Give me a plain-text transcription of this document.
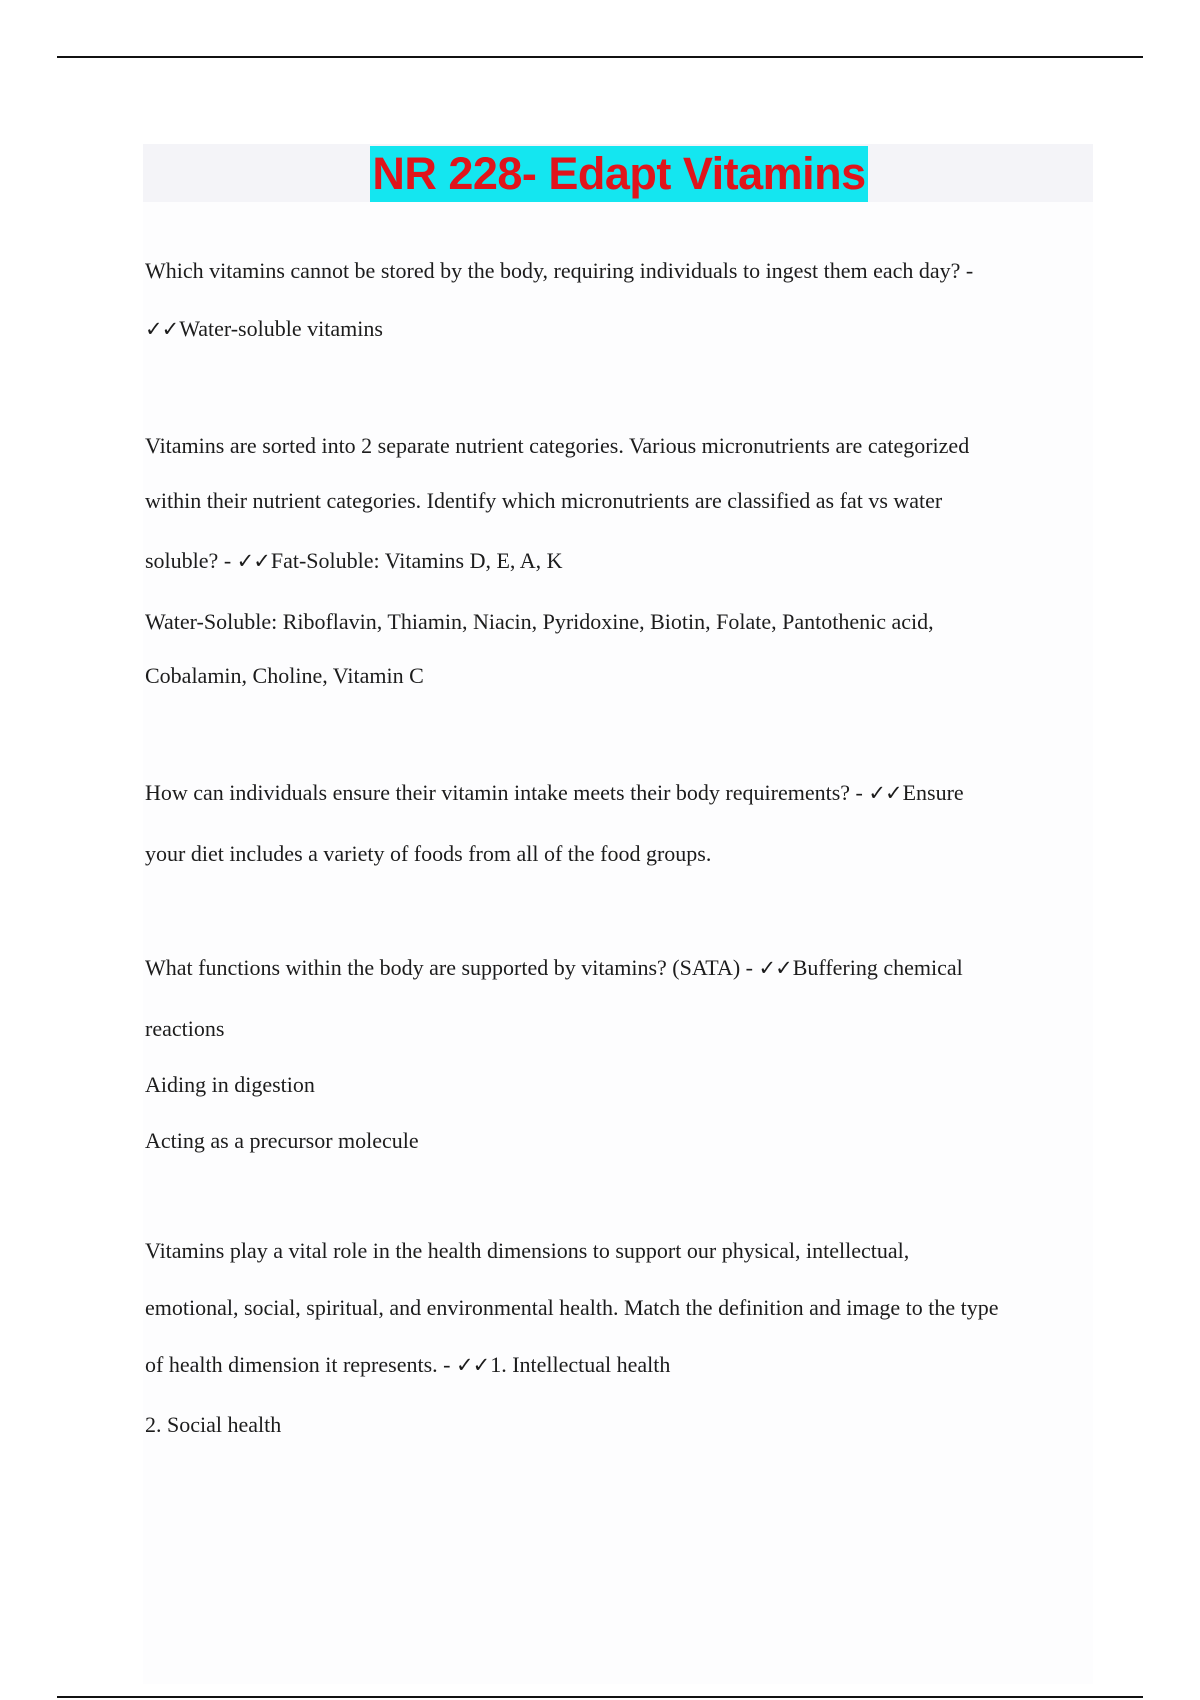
NR 228- Edapt Vitamins
Which vitamins cannot be stored by the body, requiring individuals to ingest them each day? -
✓✓Water-soluble vitamins
Vitamins are sorted into 2 separate nutrient categories. Various micronutrients are categorized
within their nutrient categories. Identify which micronutrients are classified as fat vs water
soluble? - ✓✓Fat-Soluble: Vitamins D, E, A, K
Water-Soluble: Riboflavin, Thiamin, Niacin, Pyridoxine, Biotin, Folate, Pantothenic acid,
Cobalamin, Choline, Vitamin C
How can individuals ensure their vitamin intake meets their body requirements? - ✓✓Ensure
your diet includes a variety of foods from all of the food groups.
What functions within the body are supported by vitamins? (SATA) - ✓✓Buffering chemical
reactions
Aiding in digestion
Acting as a precursor molecule
Vitamins play a vital role in the health dimensions to support our physical, intellectual,
emotional, social, spiritual, and environmental health. Match the definition and image to the type
of health dimension it represents. - ✓✓1. Intellectual health
2. Social health
